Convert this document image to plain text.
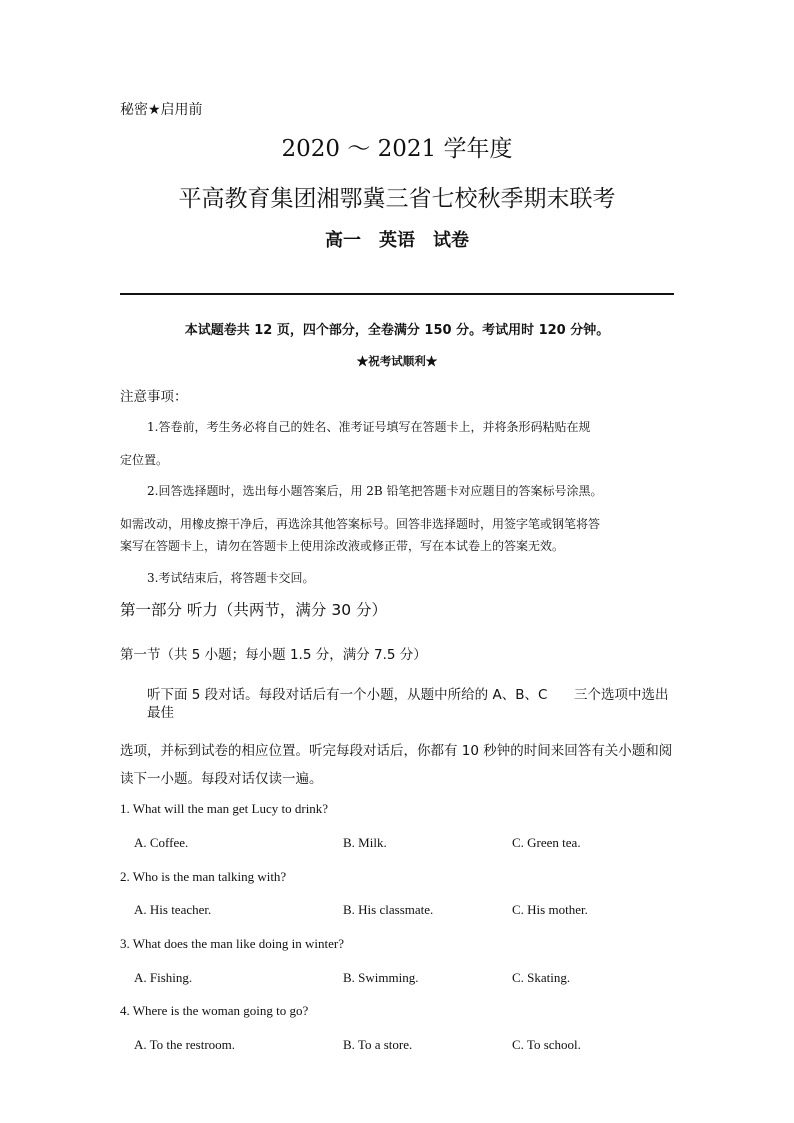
秘密★启用前
2020 ～ 2021 学年度
平高教育集团湘鄂冀三省七校秋季期末联考
高一　英语　试卷
本试题卷共 12 页，四个部分，全卷满分 150 分。考试用时 120 分钟。
★祝考试顺利★
注意事项：
1.答卷前，考生务必将自己的姓名、准考证号填写在答题卡上，并将条形码粘贴在规
定位置。
2.回答选择题时，选出每小题答案后，用 2B 铅笔把答题卡对应题目的答案标号涂黑。
如需改动，用橡皮擦干净后，再选涂其他答案标号。回答非选择题时，用签字笔或钢笔将答
案写在答题卡上，请勿在答题卡上使用涂改液或修正带，写在本试卷上的答案无效。
3.考试结束后，将答题卡交回。
第一部分 听力（共两节，满分 30 分）
第一节（共 5 小题；每小题 1.5 分，满分 7.5 分）
听下面 5 段对话。每段对话后有一个小题，从题中所给的 A、B、C 三个选项中选出
最佳
选项，并标到试卷的相应位置。听完每段对话后，你都有 10 秒钟的时间来回答有关小题和阅
读下一小题。每段对话仅读一遍。
1. What will the man get Lucy to drink?
A. Coffee.	B. Milk.	C. Green tea.
2. Who is the man talking with?
A. His teacher.	B. His classmate.	C. His mother.
3. What does the man like doing in winter?
A. Fishing.	B. Swimming.	C. Skating.
4. Where is the woman going to go?
A. To the restroom.	B. To a store.	C. To school.
